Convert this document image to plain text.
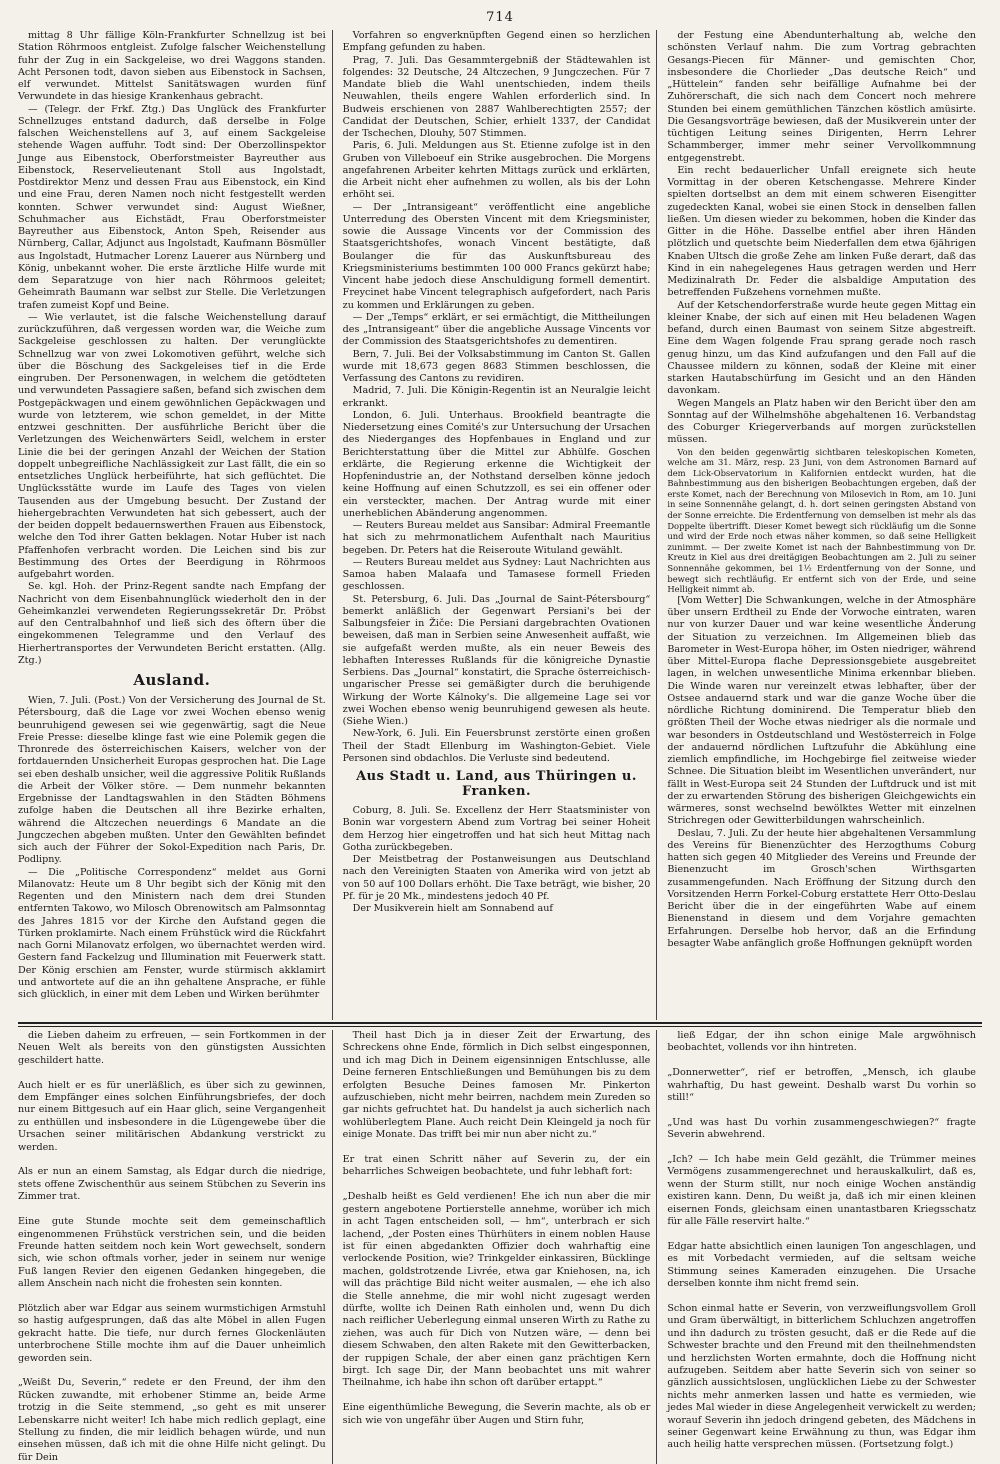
714

mittag 8 Uhr fällige Köln-Frankfurter Schnellzug ist bei Station Röhrmoos entgleist. Zufolge falscher Weichenstellung fuhr der Zug in ein Sackgeleise, wo drei Waggons standen. Acht Personen todt, davon sieben aus Eibenstock in Sachsen, elf verwundet. Mittelst Sanitätswagen wurden fünf Verwundete in das hiesige Krankenhaus gebracht.

— (Telegr. der Frkf. Ztg.) Das Unglück des Frankfurter Schnellzuges entstand dadurch, daß derselbe in Folge falschen Weichenstellens auf 3, auf einem Sackgeleise stehende Wagen auffuhr. Todt sind: Der Oberzollinspektor Junge aus Eibenstock, Oberforstmeister Bayreuther aus Eibenstock, Reservelieutenant Stoll aus Ingolstadt, Postdirektor Menz und dessen Frau aus Eibenstock, ein Kind und eine Frau, deren Namen noch nicht festgestellt werden konnten. Schwer verwundet sind: August Wießner, Schuhmacher aus Eichstädt, Frau Oberforstmeister Bayreuther aus Eibenstock, Anton Speh, Reisender aus Nürnberg, Callar, Adjunct aus Ingolstadt, Kaufmann Bösmüller aus Ingolstadt, Hutmacher Lorenz Lauerer aus Nürnberg und König, unbekannt woher. Die erste ärztliche Hilfe wurde mit dem Separatzuge von hier nach Röhrmoos geleitet; Geheimrath Baumann war selbst zur Stelle. Die Verletzungen trafen zumeist Kopf und Beine.

— Wie verlautet, ist die falsche Weichenstellung darauf zurückzuführen, daß vergessen worden war, die Weiche zum Sackgeleise geschlossen zu halten. Der verunglückte Schnellzug war von zwei Lokomotiven geführt, welche sich über die Böschung des Sackgeleises tief in die Erde eingruben. Der Personenwagen, in welchem die getödteten und verwundeten Passagiere saßen, befand sich zwischen dem Postgepäckwagen und einem gewöhnlichen Gepäckwagen und wurde von letzterem, wie schon gemeldet, in der Mitte entzwei geschnitten. Der ausführliche Bericht über die Verletzungen des Weichenwärters Seidl, welchem in erster Linie die bei der geringen Anzahl der Weichen der Station doppelt unbegreifliche Nachlässigkeit zur Last fällt, die ein so entsetzliches Unglück herbeiführte, hat sich geflüchtet. Die Unglücksstätte wurde im Laufe des Tages von vielen Tausenden aus der Umgebung besucht. Der Zustand der hiehergebrachten Verwundeten hat sich gebessert, auch der der beiden doppelt bedauernswerthen Frauen aus Eibenstock, welche den Tod ihrer Gatten beklagen. Notar Huber ist nach Pfaffenhofen verbracht worden. Die Leichen sind bis zur Bestimmung des Ortes der Beerdigung in Röhrmoos aufgebahrt worden.

Se. kgl. Hoh. der Prinz-Regent sandte nach Empfang der Nachricht von dem Eisenbahnunglück wiederholt den in der Geheimkanzlei verwendeten Regierungssekretär Dr. Pröbst auf den Centralbahnhof und ließ sich des öftern über die eingekommenen Telegramme und den Verlauf des Hierhertransportes der Verwundeten Bericht erstatten. (Allg. Ztg.)

Ausland.

Wien, 7. Juli. (Post.) Von der Versicherung des Journal de St. Pétersbourg, daß die Lage vor zwei Wochen ebenso wenig beunruhigend gewesen sei wie gegenwärtig, sagt die Neue Freie Presse: dieselbe klinge fast wie eine Polemik gegen die Thronrede des österreichischen Kaisers, welcher von der fortdauernden Unsicherheit Europas gesprochen hat. Die Lage sei eben deshalb unsicher, weil die aggressive Politik Rußlands die Arbeit der Völker störe. — Dem nunmehr bekannten Ergebnisse der Landtagswahlen in den Städten Böhmens zufolge haben die Deutschen all ihre Bezirke erhalten, während die Altczechen neuerdings 6 Mandate an die Jungczechen abgeben mußten. Unter den Gewählten befindet sich auch der Führer der Sokol-Expedition nach Paris, Dr. Podlipny.

— Die „Politische Correspondenz“ meldet aus Gorni Milanovatz: Heute um 8 Uhr begibt sich der König mit den Regenten und den Ministern nach dem drei Stunden entfernten Takowo, wo Milosch Obrenowitsch am Palmsonntag des Jahres 1815 vor der Kirche den Aufstand gegen die Türken proklamirte. Nach einem Frühstück wird die Rückfahrt nach Gorni Milanovatz erfolgen, wo übernachtet werden wird. Gestern fand Fackelzug und Illumination mit Feuerwerk statt. Der König erschien am Fenster, wurde stürmisch akklamirt und antwortete auf die an ihn gehaltene Ansprache, er fühle sich glücklich, in einer mit dem Leben und Wirken berühmter

Vorfahren so engverknüpften Gegend einen so herzlichen Empfang gefunden zu haben.

Prag, 7. Juli. Das Gesammtergebniß der Städtewahlen ist folgendes: 32 Deutsche, 24 Altczechen, 9 Jungczechen. Für 7 Mandate blieb die Wahl unentschieden, indem theils Neuwahlen, theils engere Wahlen erforderlich sind. In Budweis erschienen von 2887 Wahlberechtigten 2557; der Candidat der Deutschen, Schier, erhielt 1337, der Candidat der Tschechen, Dlouhy, 507 Stimmen.

Paris, 6. Juli. Meldungen aus St. Etienne zufolge ist in den Gruben von Villeboeuf ein Strike ausgebrochen. Die Morgens angefahrenen Arbeiter kehrten Mittags zurück und erklärten, die Arbeit nicht eher aufnehmen zu wollen, als bis der Lohn erhöht sei.

— Der „Intransigeant“ veröffentlicht eine angebliche Unterredung des Obersten Vincent mit dem Kriegsminister, sowie die Aussage Vincents vor der Commission des Staatsgerichtshofes, wonach Vincent bestätigte, daß Boulanger die für das Auskunftsbureau des Kriegsministeriums bestimmten 100 000 Francs gekürzt habe; Vincent habe jedoch diese Anschuldigung formell dementirt. Freycinet habe Vincent telegraphisch aufgefordert, nach Paris zu kommen und Erklärungen zu geben.

— Der „Temps“ erklärt, er sei ermächtigt, die Mittheilungen des „Intransigeant“ über die angebliche Aussage Vincents vor der Commission des Staatsgerichtshofes zu dementiren.

Bern, 7. Juli. Bei der Volksabstimmung im Canton St. Gallen wurde mit 18,673 gegen 8683 Stimmen beschlossen, die Verfassung des Cantons zu revidiren.

Madrid, 7. Juli. Die Königin-Regentin ist an Neuralgie leicht erkrankt.

London, 6. Juli. Unterhaus. Brookfield beantragte die Niedersetzung eines Comité's zur Untersuchung der Ursachen des Niederganges des Hopfenbaues in England und zur Berichterstattung über die Mittel zur Abhülfe. Goschen erklärte, die Regierung erkenne die Wichtigkeit der Hopfenindustrie an, der Nothstand derselben könne jedoch keine Hoffnung auf einen Schutzzoll, es sei ein offener oder ein versteckter, machen. Der Antrag wurde mit einer unerheblichen Abänderung angenommen.

— Reuters Bureau meldet aus Sansibar: Admiral Freemantle hat sich zu mehrmonatlichem Aufenthalt nach Mauritius begeben. Dr. Peters hat die Reiseroute Wituland gewählt.

— Reuters Bureau meldet aus Sydney: Laut Nachrichten aus Samoa haben Malaafa und Tamasese formell Frieden geschlossen.

St. Petersburg, 6. Juli. Das „Journal de Saint-Pétersbourg“ bemerkt anläßlich der Gegenwart Persiani's bei der Salbungsfeier in Žiče: Die Persiani dargebrachten Ovationen beweisen, daß man in Serbien seine Anwesenheit auffaßt, wie sie aufgefaßt werden mußte, als ein neuer Beweis des lebhaften Interesses Rußlands für die königreiche Dynastie Serbiens. Das „Journal“ konstatirt, die Sprache österreichisch-ungarischer Presse sei gemäßigter durch die beruhigende Wirkung der Worte Kálnoky's. Die allgemeine Lage sei vor zwei Wochen ebenso wenig beunruhigend gewesen als heute. (Siehe Wien.)

New-York, 6. Juli. Ein Feuersbrunst zerstörte einen großen Theil der Stadt Ellenburg im Washington-Gebiet. Viele Personen sind obdachlos. Die Verluste sind bedeutend.

Aus Stadt u. Land, aus Thüringen u. Franken.

Coburg, 8. Juli. Se. Excellenz der Herr Staatsminister von Bonin war vorgestern Abend zum Vortrag bei seiner Hoheit dem Herzog hier eingetroffen und hat sich heut Mittag nach Gotha zurückbegeben.

Der Meistbetrag der Postanweisungen aus Deutschland nach den Vereinigten Staaten von Amerika wird von jetzt ab von 50 auf 100 Dollars erhöht. Die Taxe beträgt, wie bisher, 20 Pf. für je 20 Mk., mindestens jedoch 40 Pf.

Der Musikverein hielt am Sonnabend auf

der Festung eine Abendunterhaltung ab, welche den schönsten Verlauf nahm. Die zum Vortrag gebrachten Gesangs-Piecen für Männer- und gemischten Chor, insbesondere die Chorlieder „Das deutsche Reich“ und „Hüttelein“ fanden sehr beifällige Aufnahme bei der Zuhörerschaft, die sich nach dem Concert noch mehrere Stunden bei einem gemüthlichen Tänzchen köstlich amüsirte. Die Gesangsvorträge bewiesen, daß der Musikverein unter der tüchtigen Leitung seines Dirigenten, Herrn Lehrer Schammberger, immer mehr seiner Vervollkommnung entgegenstrebt.

Ein recht bedauerlicher Unfall ereignete sich heute Vormittag in der oberen Ketschengasse. Mehrere Kinder spielten dortselbst an dem mit einem schweren Eisengitter zugedeckten Kanal, wobei sie einen Stock in denselben fallen ließen. Um diesen wieder zu bekommen, hoben die Kinder das Gitter in die Höhe. Dasselbe entfiel aber ihren Händen plötzlich und quetschte beim Niederfallen dem etwa 6jährigen Knaben Ultsch die große Zehe am linken Fuße derart, daß das Kind in ein nahegelegenes Haus getragen werden und Herr Medizinalrath Dr. Feder die alsbaldige Amputation des betreffenden Fußzehens vornehmen mußte.

Auf der Ketschendorferstraße wurde heute gegen Mittag ein kleiner Knabe, der sich auf einen mit Heu beladenen Wagen befand, durch einen Baumast von seinem Sitze abgestreift. Eine dem Wagen folgende Frau sprang gerade noch rasch genug hinzu, um das Kind aufzufangen und den Fall auf die Chaussee mildern zu können, sodaß der Kleine mit einer starken Hautabschürfung im Gesicht und an den Händen davonkam.

Wegen Mangels an Platz haben wir den Bericht über den am Sonntag auf der Wilhelmshöhe abgehaltenen 16. Verbandstag des Coburger Kriegerverbands auf morgen zurückstellen müssen.

Von den beiden gegenwärtig sichtbaren teleskopischen Kometen, welche am 31. März, resp. 23 Juni, von dem Astronomen Barnard auf dem Lick-Observatorium in Kalifornien entdeckt wurden, hat die Bahnbestimmung aus den bisherigen Beobachtungen ergeben, daß der erste Komet, nach der Berechnung von Milosevich in Rom, am 10. Juni in seine Sonnennähe gelangt, d. h. dort seinen geringsten Abstand von der Sonne erreichte. Die Erdentfernung von demselben ist mehr als das Doppelte übertrifft. Dieser Komet bewegt sich rückläufig um die Sonne und wird der Erde noch etwas näher kommen, so daß seine Helligkeit zunimmt. — Der zweite Komet ist nach der Bahnbestimmung von Dr. Kreutz in Kiel aus drei dreitägigen Beobachtungen am 2. Juli zu seiner Sonnennähe gekommen, bei 1½ Erdentfernung von der Sonne, und bewegt sich rechtläufig. Er entfernt sich von der Erde, und seine Helligkeit nimmt ab.

[Vom Wetter] Die Schwankungen, welche in der Atmosphäre über unsern Erdtheil zu Ende der Vorwoche eintraten, waren nur von kurzer Dauer und war keine wesentliche Änderung der Situation zu verzeichnen. Im Allgemeinen blieb das Barometer in West-Europa höher, im Osten niedriger, während über Mittel-Europa flache Depressionsgebiete ausgebreitet lagen, in welchen unwesentliche Minima erkennbar blieben. Die Winde waren nur vereinzelt etwas lebhafter, über der Ostsee andauernd stark und war die ganze Woche über die nördliche Richtung dominirend. Die Temperatur blieb den größten Theil der Woche etwas niedriger als die normale und war besonders in Ostdeutschland und Westösterreich in Folge der andauernd nördlichen Luftzufuhr die Abkühlung eine ziemlich empfindliche, im Hochgebirge fiel zeitweise wieder Schnee. Die Situation bleibt im Wesentlichen unverändert, nur fällt in West-Europa seit 24 Stunden der Luftdruck und ist mit der zu erwartenden Störung des bisherigen Gleichgewichts ein wärmeres, sonst wechselnd bewölktes Wetter mit einzelnen Strichregen oder Gewitterbildungen wahrscheinlich.

Deslau, 7. Juli. Zu der heute hier abgehaltenen Versammlung des Vereins für Bienenzüchter des Herzogthums Coburg hatten sich gegen 40 Mitglieder des Vereins und Freunde der Bienenzucht im Grosch'schen Wirthsgarten zusammengefunden. Nach Eröffnung der Sitzung durch den Vorsitzenden Herrn Forkel-Coburg erstattete Herr Otto-Deslau Bericht über die in der eingeführten Wabe auf einem Bienenstand in diesem und dem Vorjahre gemachten Erfahrungen. Derselbe hob hervor, daß an die Erfindung besagter Wabe anfänglich große Hoffnungen geknüpft worden

die Lieben daheim zu erfreuen, — sein Fortkommen in der Neuen Welt als bereits von den günstigsten Aussichten geschildert hatte.

Auch hielt er es für unerläßlich, es über sich zu gewinnen, dem Empfänger eines solchen Einführungsbriefes, der doch nur einem Bittgesuch auf ein Haar glich, seine Vergangenheit zu enthüllen und insbesondere in die Lügengewebe über die Ursachen seiner militärischen Abdankung verstrickt zu werden.

Als er nun an einem Samstag, als Edgar durch die niedrige, stets offene Zwischenthür aus seinem Stübchen zu Severin ins Zimmer trat.

Eine gute Stunde mochte seit dem gemeinschaftlich eingenommenen Frühstück verstrichen sein, und die beiden Freunde hatten seitdem noch kein Wort gewechselt, sondern sich, wie schon oftmals vorher, jeder in seinem nur wenige Fuß langen Revier den eigenen Gedanken hingegeben, die allem Anschein nach nicht die frohesten sein konnten.

Plötzlich aber war Edgar aus seinem wurmstichigen Armstuhl so hastig aufgesprungen, daß das alte Möbel in allen Fugen gekracht hatte. Die tiefe, nur durch fernes Glockenläuten unterbrochene Stille mochte ihm auf die Dauer unheimlich geworden sein.

„Weißt Du, Severin,“ redete er den Freund, der ihm den Rücken zuwandte, mit erhobener Stimme an, beide Arme trotzig in die Seite stemmend, „so geht es mit unserer Lebenskarre nicht weiter! Ich habe mich redlich geplagt, eine Stellung zu finden, die mir leidlich behagen würde, und nun einsehen müssen, daß ich mit die ohne Hilfe nicht gelingt. Du für Dein

Theil hast Dich ja in dieser Zeit der Erwartung, des Schreckens ohne Ende, förmlich in Dich selbst eingesponnen, und ich mag Dich in Deinem eigensinnigen Entschlusse, alle Deine ferneren Entschließungen und Bemühungen bis zu dem erfolgten Besuche Deines famosen Mr. Pinkerton aufzuschieben, nicht mehr beirren, nachdem mein Zureden so gar nichts gefruchtet hat. Du handelst ja auch sicherlich nach wohlüberlegtem Plane. Auch reicht Dein Kleingeld ja noch für einige Monate. Das trifft bei mir nun aber nicht zu.“

Er trat einen Schritt näher auf Severin zu, der ein beharrliches Schweigen beobachtete, und fuhr lebhaft fort:

„Deshalb heißt es Geld verdienen! Ehe ich nun aber die mir gestern angebotene Portierstelle annehme, worüber ich mich in acht Tagen entscheiden soll, — hm“, unterbrach er sich lachend, „der Posten eines Thürhüters in einem noblen Hause ist für einen abgedankten Offizier doch wahrhaftig eine verlockende Position, wie? Trinkgelder einkassiren, Bücklinge machen, goldstrotzende Livrée, etwa gar Kniehosen, na, ich will das prächtige Bild nicht weiter ausmalen, — ehe ich also die Stelle annehme, die mir wohl nicht zugesagt werden dürfte, wollte ich Deinen Rath einholen und, wenn Du dich nach reiflicher Ueberlegung einmal unseren Wirth zu Rathe zu ziehen, was auch für Dich von Nutzen wäre, — denn bei diesem Schwaben, den alten Rakete mit den Gewitterbacken, der ruppigen Schale, der aber einen ganz prächtigen Kern birgt. Ich sage Dir, der Mann beobachtet uns mit wahrer Theilnahme, ich habe ihn schon oft darüber ertappt.“

Eine eigenthümliche Bewegung, die Severin machte, als ob er sich wie von ungefähr über Augen und Stirn fuhr,

ließ Edgar, der ihn schon einige Male argwöhnisch beobachtet, vollends vor ihn hintreten.

„Donnerwetter“, rief er betroffen, „Mensch, ich glaube wahrhaftig, Du hast geweint. Deshalb warst Du vorhin so still!“

„Und was hast Du vorhin zusammengeschwiegen?“ fragte Severin abwehrend.

„Ich? — Ich habe mein Geld gezählt, die Trümmer meines Vermögens zusammengerechnet und herauskalkulirt, daß es, wenn der Sturm stillt, nur noch einige Wochen anständig existiren kann. Denn, Du weißt ja, daß ich mir einen kleinen eisernen Fonds, gleichsam einen unantastbaren Kriegsschatz für alle Fälle reservirt halte.“

Edgar hatte absichtlich einen launigen Ton angeschlagen, und es mit Vorbedacht vermieden, auf die seltsam weiche Stimmung seines Kameraden einzugehen. Die Ursache derselben konnte ihm nicht fremd sein.

Schon einmal hatte er Severin, von verzweiflungsvollem Groll und Gram überwältigt, in bitterlichem Schluchzen angetroffen und ihn dadurch zu trösten gesucht, daß er die Rede auf die Schwester brachte und den Freund mit den theilnehmendsten und herzlichsten Worten ermahnte, doch die Hoffnung nicht aufzugeben. Seitdem aber hatte Severin sich von seiner so gänzlich aussichtslosen, unglücklichen Liebe zu der Schwester nichts mehr anmerken lassen und hatte es vermieden, wie jedes Mal wieder in diese Angelegenheit verwickelt zu werden; worauf Severin ihn jedoch dringend gebeten, des Mädchens in seiner Gegenwart keine Erwähnung zu thun, was Edgar ihm auch heilig hatte versprechen müssen. (Fortsetzung folgt.)
